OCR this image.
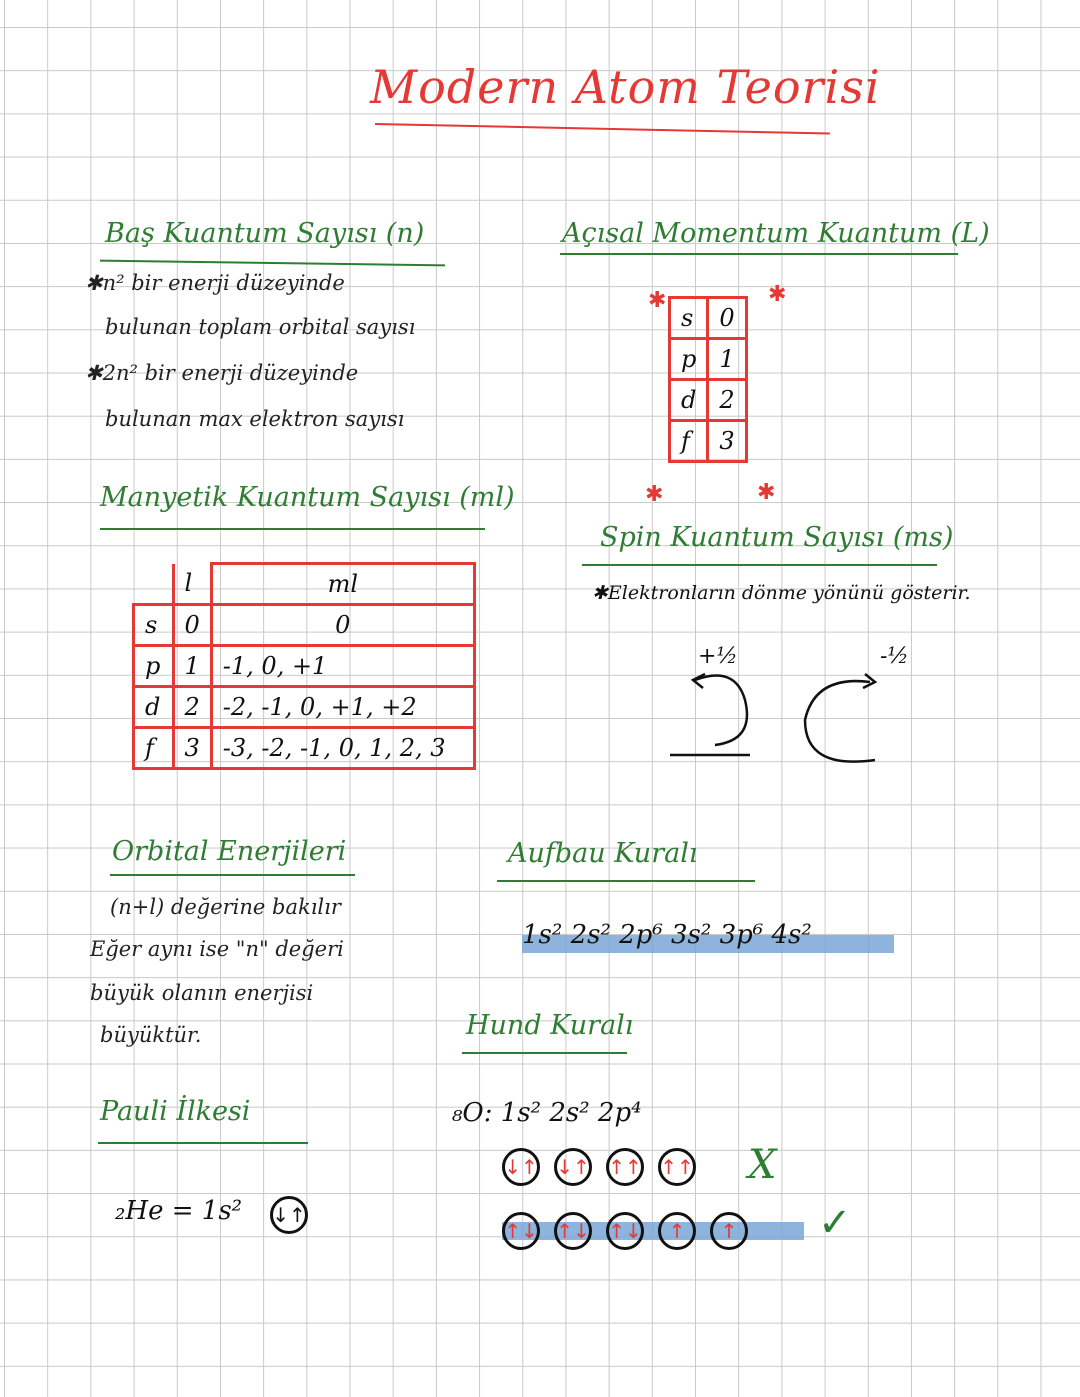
Modern Atom Teorisi
Baş Kuantum Sayısı (n)
✱n² bir enerji düzeyinde
bulunan toplam orbital sayısı
✱2n² bir enerji düzeyinde
bulunan max elektron sayısı
Açısal Momentum Kuantum (L)
✱	✱
✱	✱
s	0
p	1
d	2
f	3
Manyetik Kuantum Sayısı (ml)
	l	ml
s	0	0
p	1	-1, 0, +1
d	2	-2, -1, 0, +1, +2
f	3	-3, -2, -1, 0, 1, 2, 3
Spin Kuantum Sayısı (ms)
✱Elektronların dönme yönünü gösterir.
+½	-½
Orbital Enerjileri
(n+l) değerine bakılır
Eğer aynı ise "n" değeri
büyük olanın enerjisi
büyüktür.
Aufbau Kuralı
1s² 2s² 2p⁶ 3s² 3p⁶ 4s²
Hund Kuralı
₈O: 1s² 2s² 2p⁴
↓↑ ↓↑ ↑↑ ↑↑ X
↑↓ ↑↓ ↑↓	↑	↑ ✓
Pauli İlkesi
₂He = 1s² ↓↑
